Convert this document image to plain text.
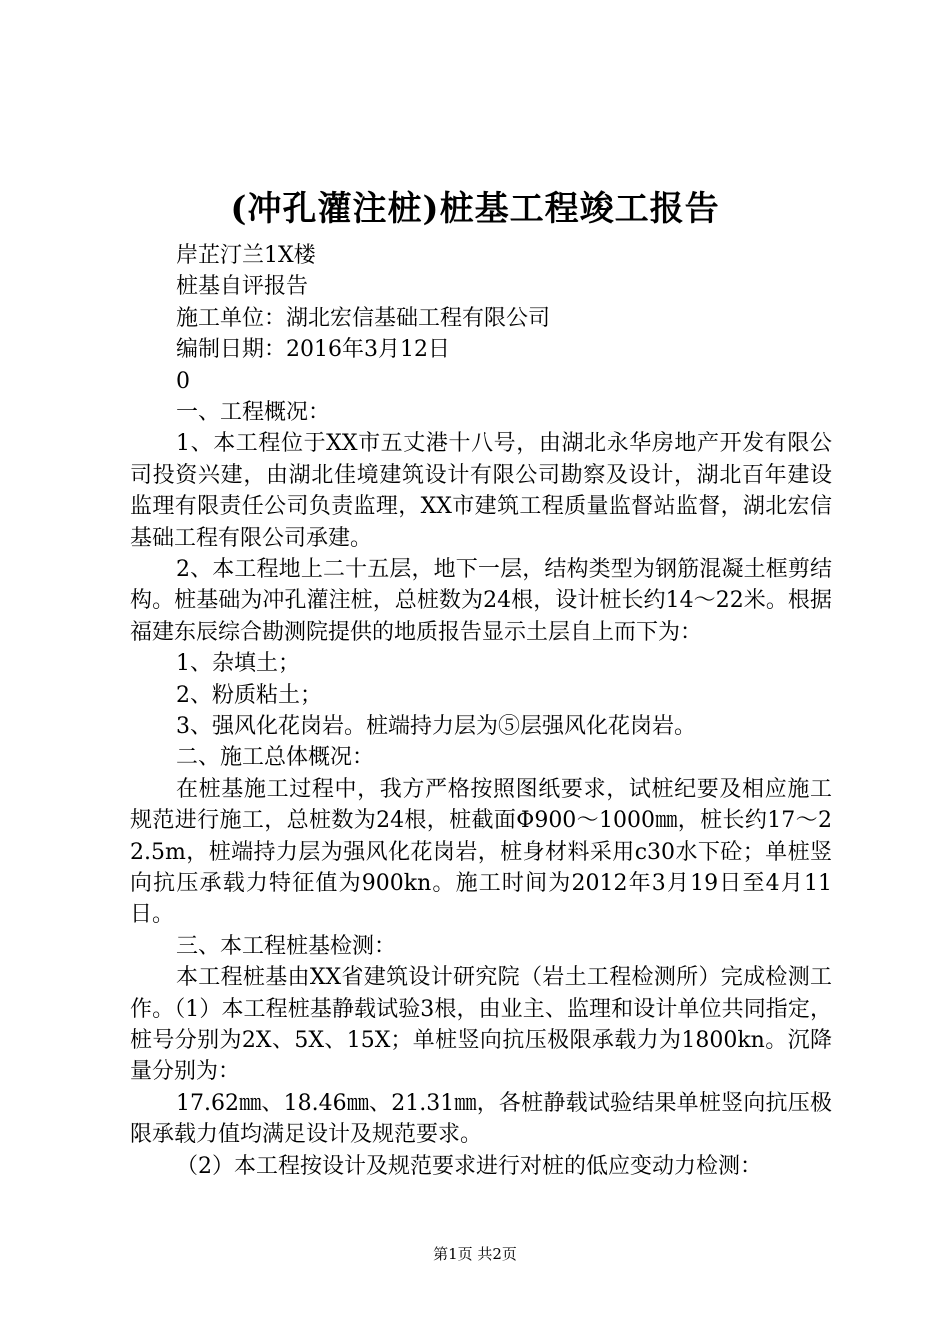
(冲孔灌注桩)桩基工程竣工报告
岸芷汀兰1X楼
桩基自评报告
施工单位：湖北宏信基础工程有限公司
编制日期：2016年3月12日
0
一、工程概况：
1、本工程位于XX市五丈港十八号，由湖北永华房地产开发有限公司投资兴建，由湖北佳境建筑设计有限公司勘察及设计，湖北百年建设监理有限责任公司负责监理，XX市建筑工程质量监督站监督，湖北宏信基础工程有限公司承建。
2、本工程地上二十五层，地下一层，结构类型为钢筋混凝土框剪结构。桩基础为冲孔灌注桩，总桩数为24根，设计桩长约14～22米。根据福建东辰综合勘测院提供的地质报告显示土层自上而下为：
1、杂填土；
2、粉质粘土；
3、强风化花岗岩。桩端持力层为⑤层强风化花岗岩。
二、施工总体概况：
在桩基施工过程中，我方严格按照图纸要求，试桩纪要及相应施工规范进行施工，总桩数为24根，桩截面Φ900～1000㎜，桩长约17～22.5m，桩端持力层为强风化花岗岩，桩身材料采用c30水下砼；单桩竖向抗压承载力特征值为900kn。施工时间为2012年3月19日至4月11日。
三、本工程桩基检测：
本工程桩基由XX省建筑设计研究院（岩土工程检测所）完成检测工作。（1）本工程桩基静载试验3根，由业主、监理和设计单位共同指定，桩号分别为2X、5X、15X；单桩竖向抗压极限承载力为1800kn。沉降量分别为：
17.62㎜、18.46㎜、21.31㎜，各桩静载试验结果单桩竖向抗压极限承载力值均满足设计及规范要求。
（2）本工程按设计及规范要求进行对桩的低应变动力检测：
第1页 共2页
